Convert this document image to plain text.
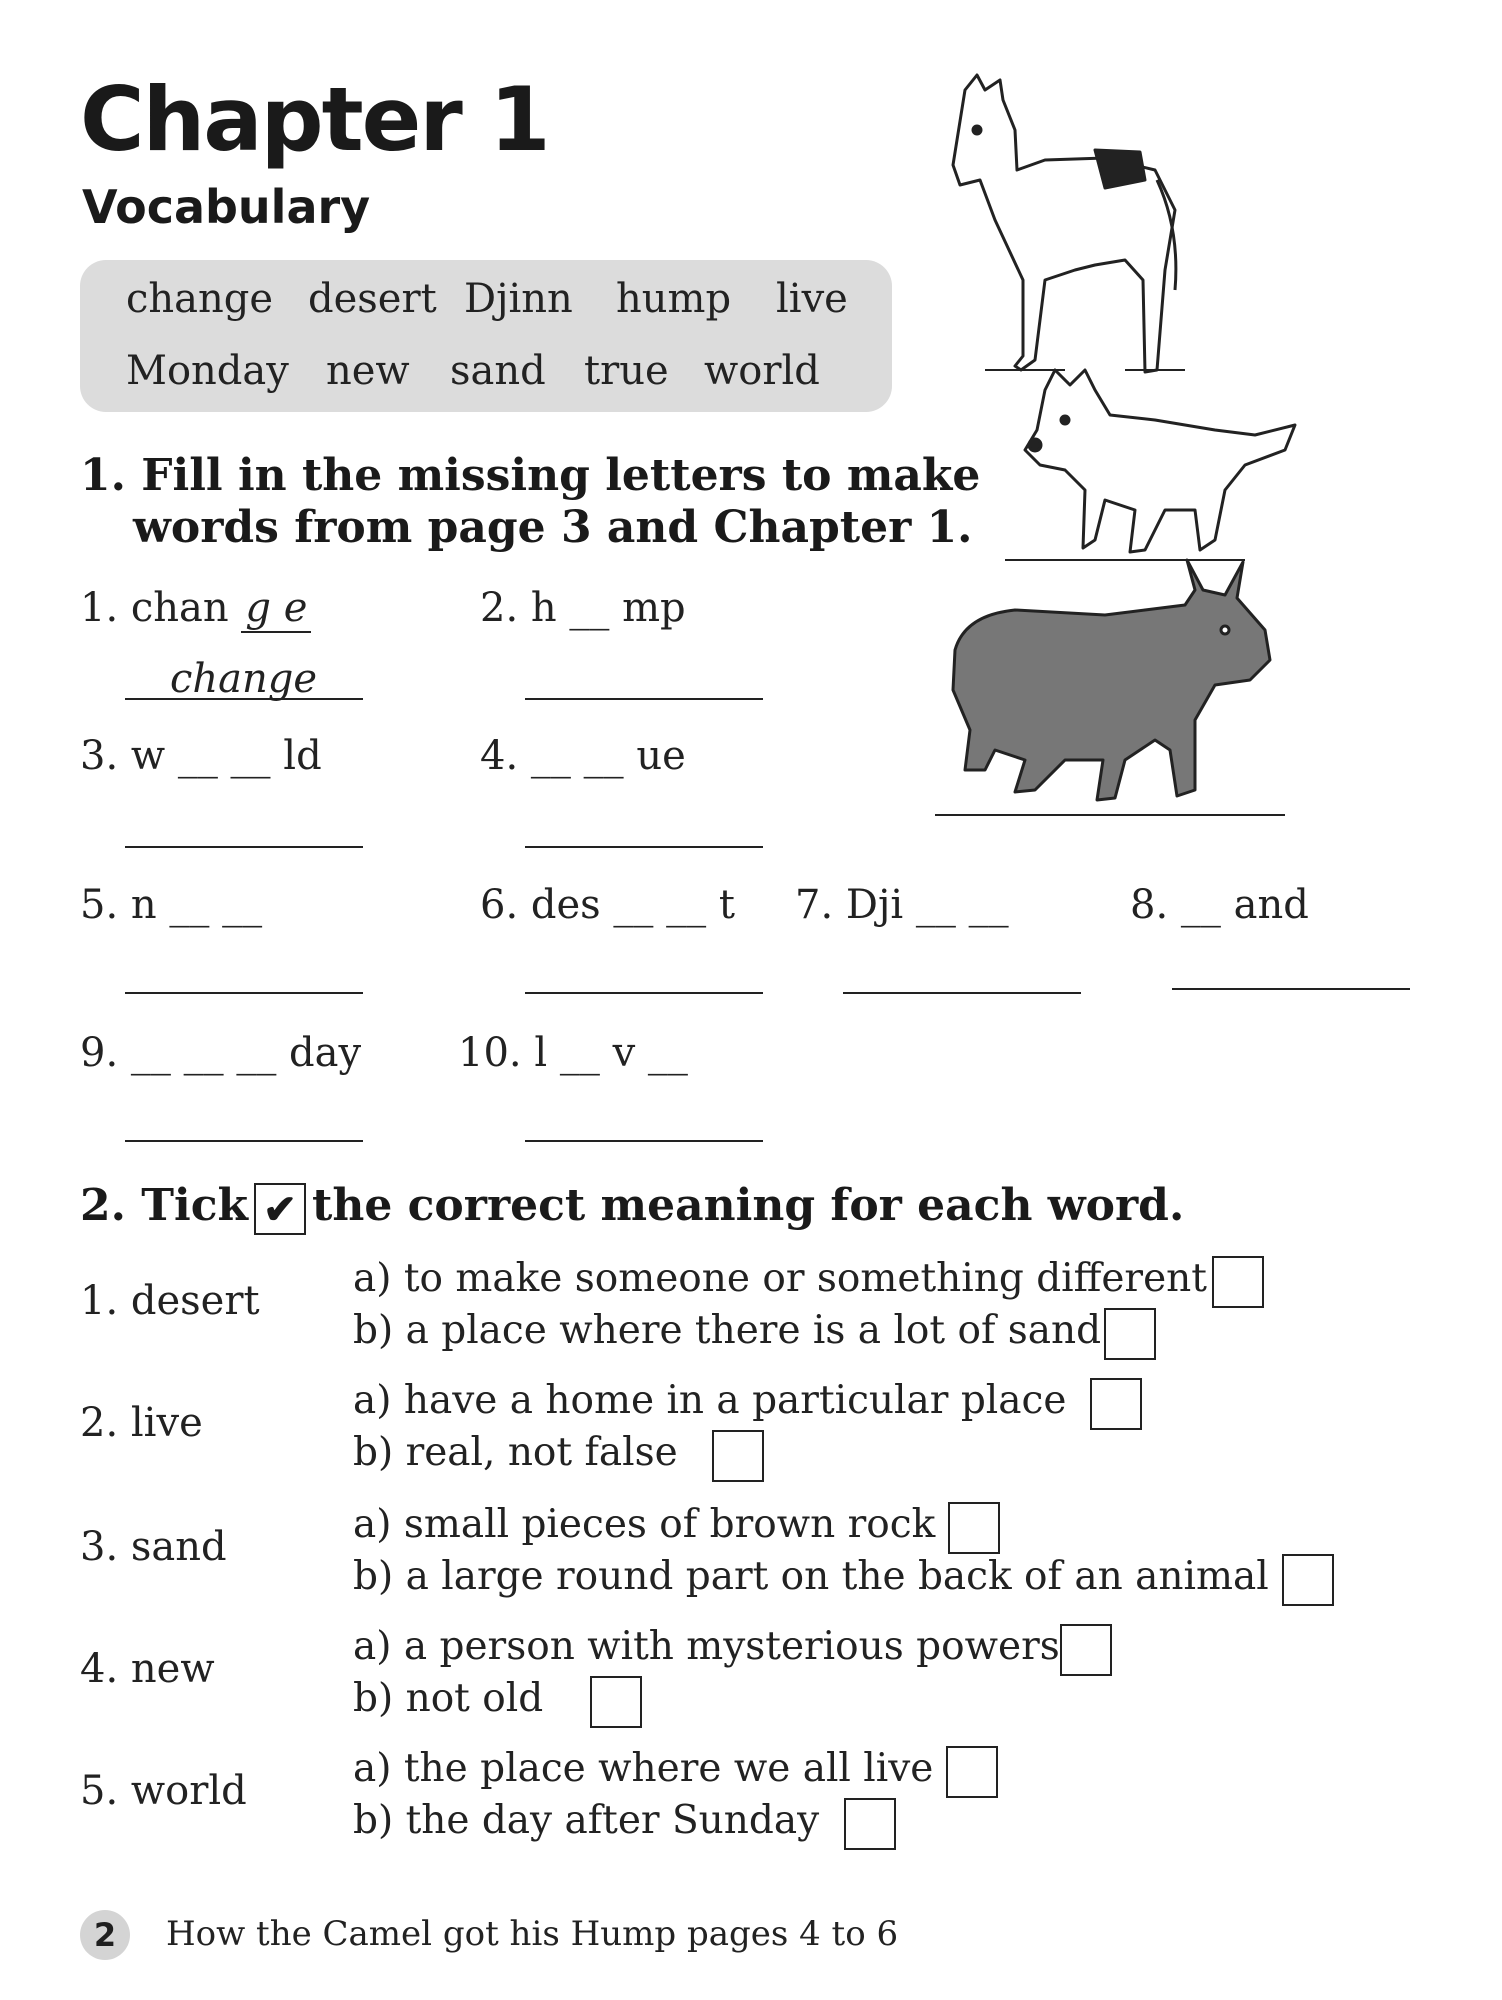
Chapter 1
Vocabulary
change desert Djinn hump live
Monday new sand true world
1. Fill in the missing letters to make
words from page 3 and Chapter 1.
1. chan g e
change
2. h __ mp
3. w __ __ ld	4. __ __ ue
5. n __ __	6. des __ __ t 7. Dji __ __	8. __ and
9. __ __ __ day 10. l __ v __
2. Tick ✔ the correct meaning for each word.
1. desert a) to make someone or something different
b) a place where there is a lot of sand
2. live	a) have a home in a particular place
b) real, not false
3. sand	a) small pieces of brown rock
b) a large round part on the back of an animal
4. new	a) a person with mysterious powers
b) not old
5. world	a) the place where we all live
b) the day after Sunday
2	How the Camel got his Hump pages 4 to 6
